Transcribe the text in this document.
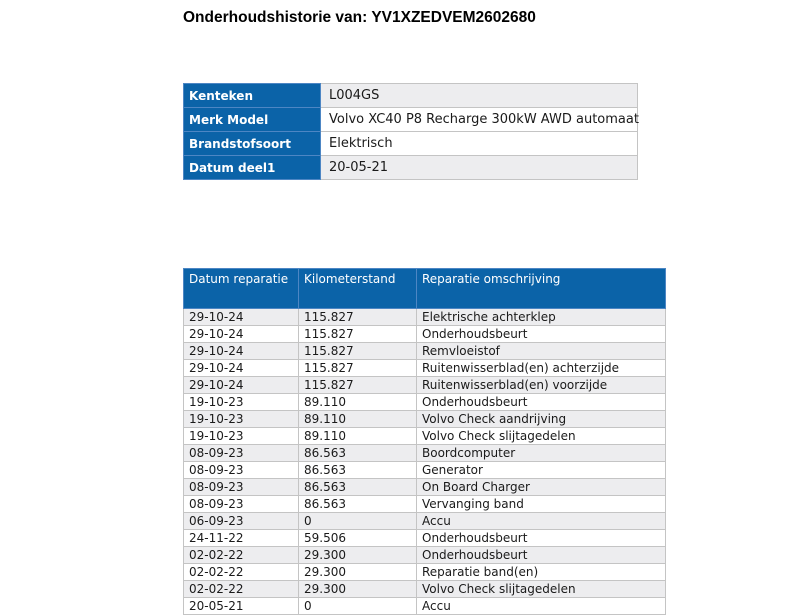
Onderhoudshistorie van: YV1XZEDVEM2602680
Kenteken	L004GS
Merk Model	Volvo XC40 P8 Recharge 300kW AWD automaat
Brandstofsoort	Elektrisch
Datum deel1	20-05-21
Datum reparatie	Kilometerstand	Reparatie omschrijving
29-10-24	115.827	Elektrische achterklep
29-10-24	115.827	Onderhoudsbeurt
29-10-24	115.827	Remvloeistof
29-10-24	115.827	Ruitenwisserblad(en) achterzijde
29-10-24	115.827	Ruitenwisserblad(en) voorzijde
19-10-23	89.110	Onderhoudsbeurt
19-10-23	89.110	Volvo Check aandrijving
19-10-23	89.110	Volvo Check slijtagedelen
08-09-23	86.563	Boordcomputer
08-09-23	86.563	Generator
08-09-23	86.563	On Board Charger
08-09-23	86.563	Vervanging band
06-09-23	0	Accu
24-11-22	59.506	Onderhoudsbeurt
02-02-22	29.300	Onderhoudsbeurt
02-02-22	29.300	Reparatie band(en)
02-02-22	29.300	Volvo Check slijtagedelen
20-05-21	0	Accu
